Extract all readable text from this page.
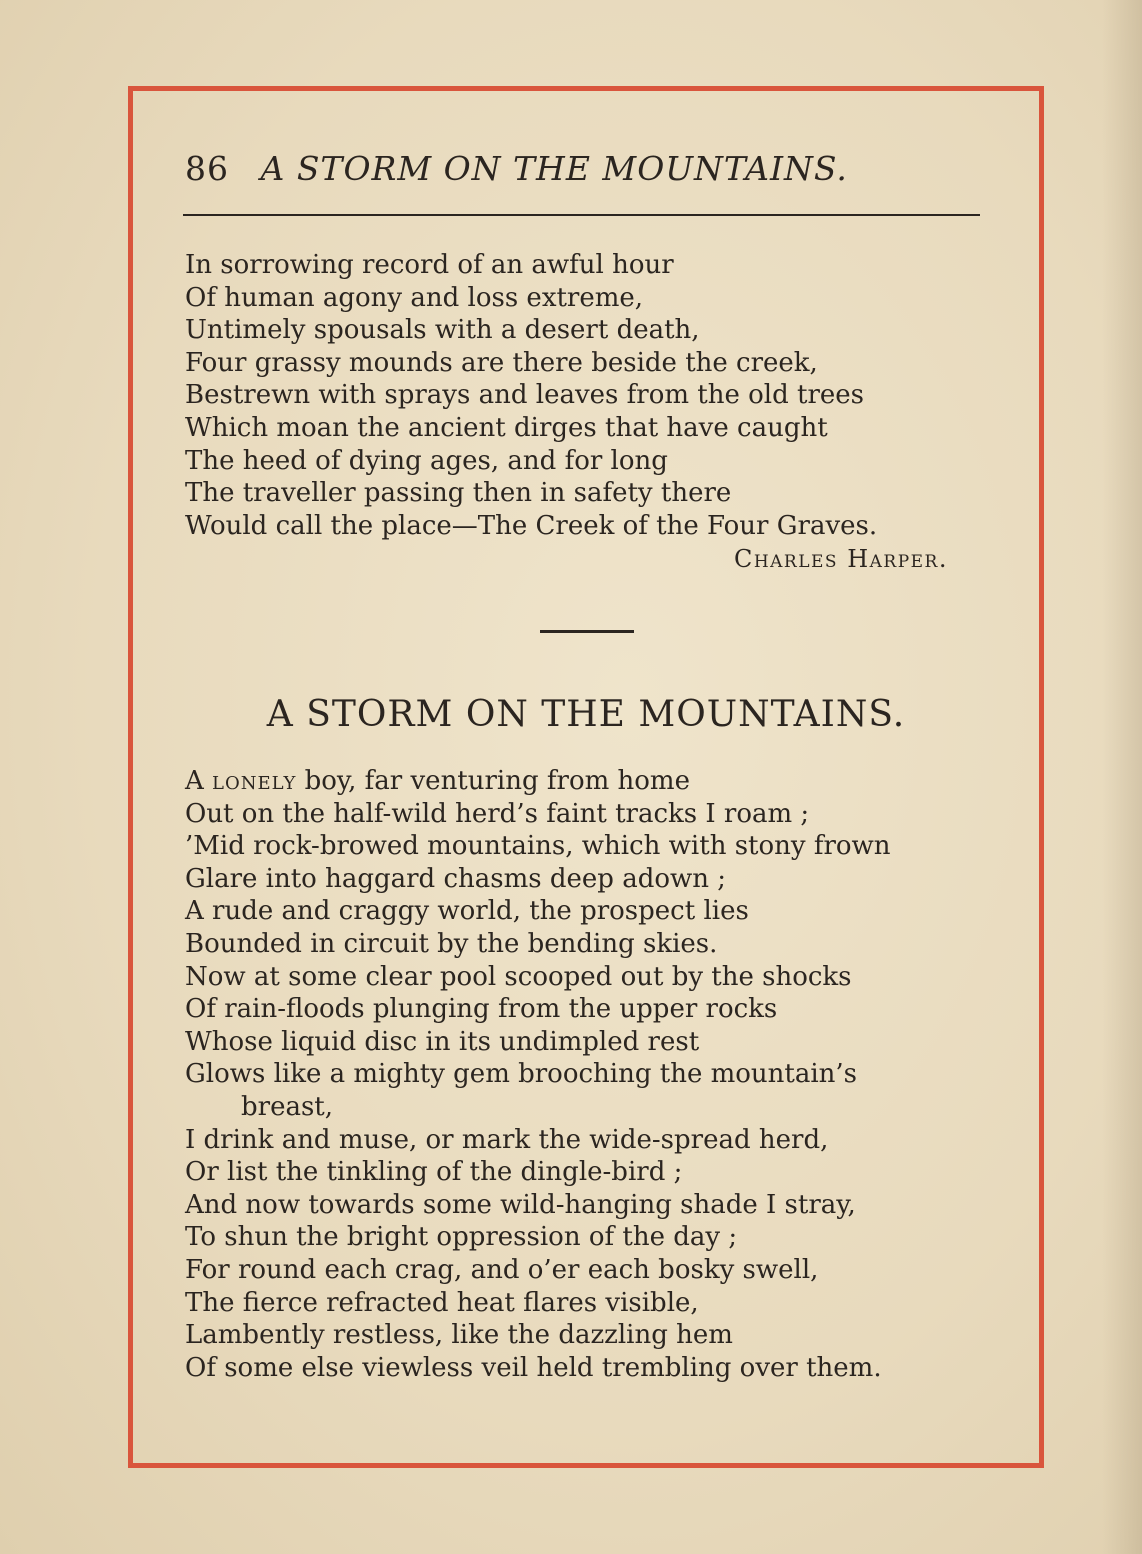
86 A STORM ON THE MOUNTAINS.
In sorrowing record of an awful hour
Of human agony and loss extreme,
Untimely spousals with a desert death,
Four grassy mounds are there beside the creek,
Bestrewn with sprays and leaves from the old trees
Which moan the ancient dirges that have caught
The heed of dying ages, and for long
The traveller passing then in safety there
Would call the place—The Creek of the Four Graves.
Charles Harper.
A STORM ON THE MOUNTAINS.
A lonely boy, far venturing from home
Out on the half-wild herd’s faint tracks I roam ;
’Mid rock-browed mountains, which with stony frown
Glare into haggard chasms deep adown ;
A rude and craggy world, the prospect lies
Bounded in circuit by the bending skies.
Now at some clear pool scooped out by the shocks
Of rain-floods plunging from the upper rocks
Whose liquid disc in its undimpled rest
Glows like a mighty gem brooching the mountain’s
breast,
I drink and muse, or mark the wide-spread herd,
Or list the tinkling of the dingle-bird ;
And now towards some wild-hanging shade I stray,
To shun the bright oppression of the day ;
For round each crag, and o’er each bosky swell,
The fierce refracted heat flares visible,
Lambently restless, like the dazzling hem
Of some else viewless veil held trembling over them.
